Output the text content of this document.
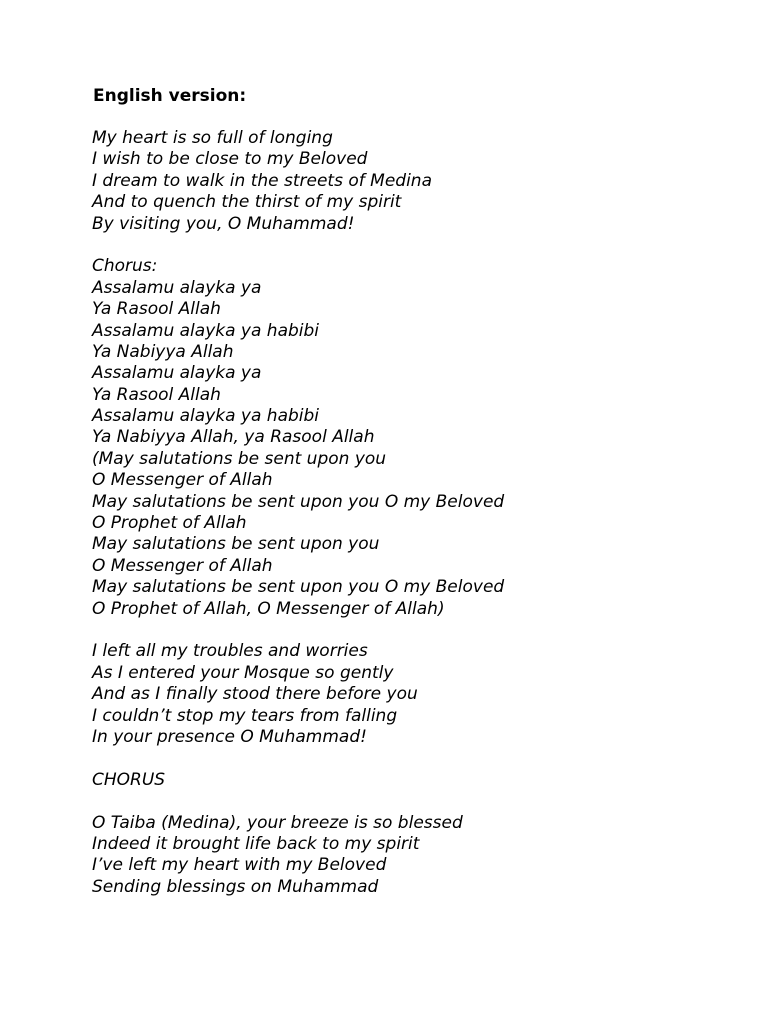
English version:
My heart is so full of longing
I wish to be close to my Beloved
I dream to walk in the streets of Medina
And to quench the thirst of my spirit
By visiting you, O Muhammad!
Chorus:
Assalamu alayka ya
Ya Rasool Allah
Assalamu alayka ya habibi
Ya Nabiyya Allah
Assalamu alayka ya
Ya Rasool Allah
Assalamu alayka ya habibi
Ya Nabiyya Allah, ya Rasool Allah
(May salutations be sent upon you
O Messenger of Allah
May salutations be sent upon you O my Beloved
O Prophet of Allah
May salutations be sent upon you
O Messenger of Allah
May salutations be sent upon you O my Beloved
O Prophet of Allah, O Messenger of Allah)
I left all my troubles and worries
As I entered your Mosque so gently
And as I finally stood there before you
I couldn’t stop my tears from falling
In your presence O Muhammad!
CHORUS
O Taiba (Medina), your breeze is so blessed
Indeed it brought life back to my spirit
I’ve left my heart with my Beloved
Sending blessings on Muhammad
